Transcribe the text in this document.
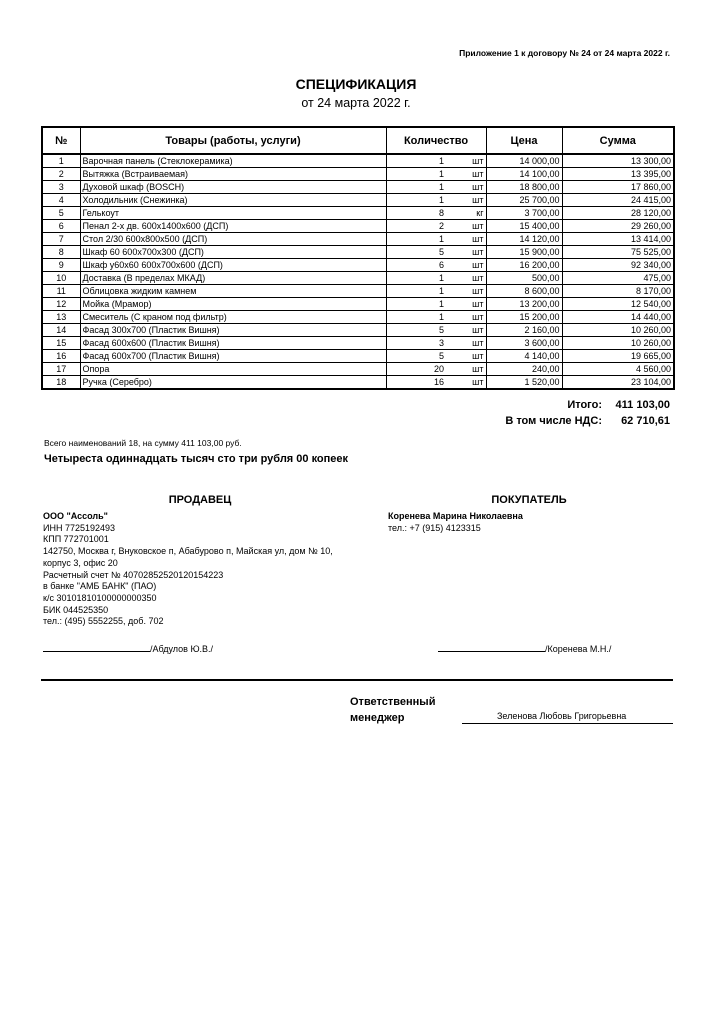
Приложение 1 к договору № 24 от 24 марта 2022 г.
СПЕЦИФИКАЦИЯ
от 24 марта 2022 г.
№	Товары (работы, услуги)	Количество		Цена	Сумма
1	Варочная панель (Стеклокерамика)	1	шт	14 000,00	13 300,00
2	Вытяжка (Встраиваемая)	1	шт	14 100,00	13 395,00
3	Духовой шкаф (BOSCH)	1	шт	18 800,00	17 860,00
4	Холодильник (Снежинка)	1	шт	25 700,00	24 415,00
5	Гелькоут	8	кг	3 700,00	28 120,00
6	Пенал 2-х дв. 600х1400х600 (ДСП)	2	шт	15 400,00	29 260,00
7	Стол 2/30 600х800х500 (ДСП)	1	шт	14 120,00	13 414,00
8	Шкаф 60 600х700х300 (ДСП)	5	шт	15 900,00	75 525,00
9	Шкаф у60х60 600х700х600 (ДСП)	6	шт	16 200,00	92 340,00
10	Доставка (В пределах МКАД)	1	шт	500,00	475,00
11	Облицовка жидким камнем	1	шт	8 600,00	8 170,00
12	Мойка (Мрамор)	1	шт	13 200,00	12 540,00
13	Смеситель (С краном под фильтр)	1	шт	15 200,00	14 440,00
14	Фасад 300х700 (Пластик Вишня)	5	шт	2 160,00	10 260,00
15	Фасад 600х600 (Пластик Вишня)	3	шт	3 600,00	10 260,00
16	Фасад 600х700 (Пластик Вишня)	5	шт	4 140,00	19 665,00
17	Опора	20	шт	240,00	4 560,00
18	Ручка (Серебро)	16	шт	1 520,00	23 104,00
Итого: 411 103,00
В том числе НДС: 62 710,61
Всего наименований 18, на сумму 411 103,00 руб.
Четыреста одиннадцать тысяч сто три рубля 00 копеек
ПРОДАВЕЦ	ПОКУПАТЕЛЬ
ООО "Ассоль"
ИНН 7725192493
КПП 772701001
142750, Москва г, Внуковское п, Абабурово п, Майская ул, дом № 10, корпус 3, офис 20
Расчетный счет № 40702852520120154223
в банке "АМБ БАНК" (ПАО)
к/с 30101810100000000350
БИК 044525350
тел.: (495) 5552255, доб. 702
Коренева Марина Николаевна
тел.: +7 (915) 4123315
/Абдулов Ю.В./	/Коренева М.Н./
Ответственный
менеджер	Зеленова Любовь Григорьевна
